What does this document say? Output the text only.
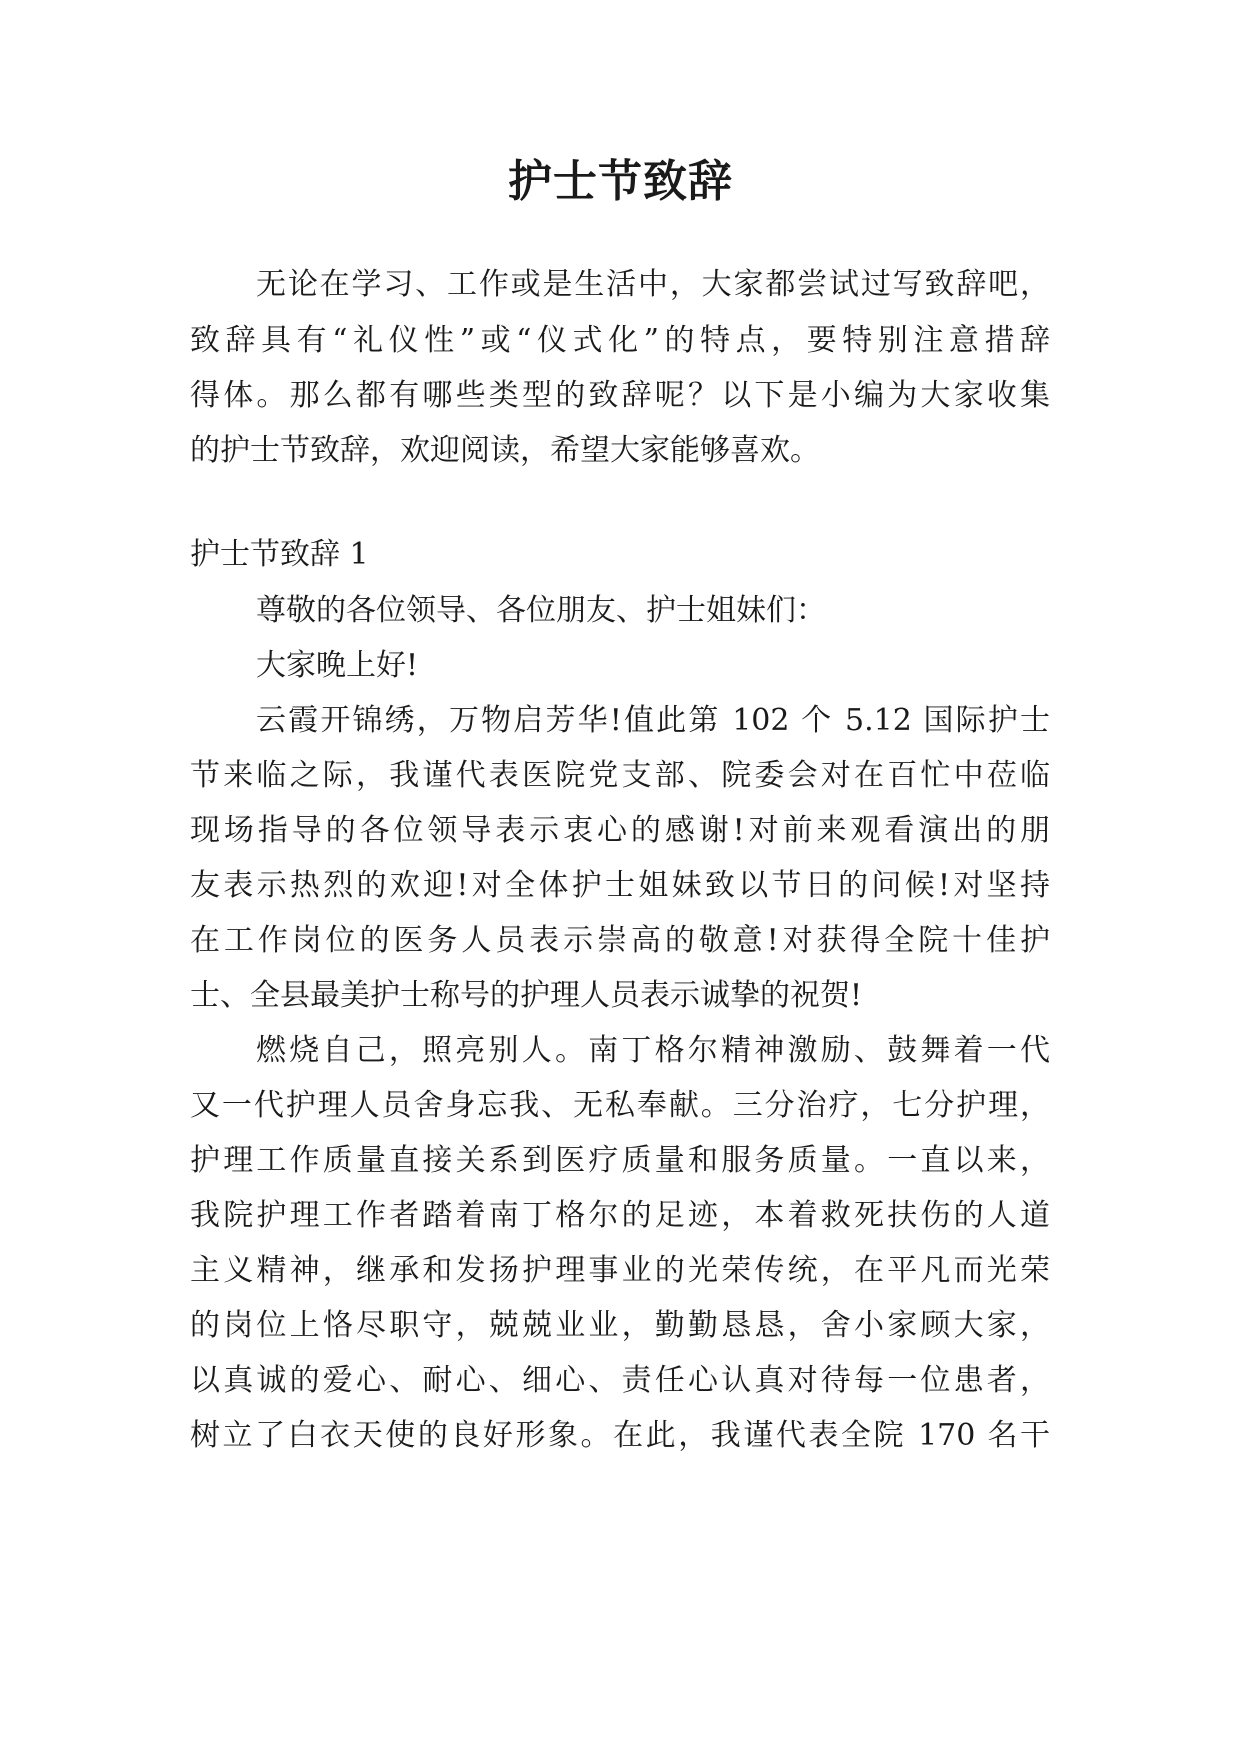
护士节致辞

无论在学习、工作或是生活中，大家都尝试过写致辞吧，

致辞具有“礼仪性”或“仪式化”的特点，要特别注意措辞

得体。那么都有哪些类型的致辞呢？以下是小编为大家收集

的护士节致辞，欢迎阅读，希望大家能够喜欢。

护士节致辞 1

尊敬的各位领导、各位朋友、护士姐妹们：

大家晚上好!

云霞开锦绣，万物启芳华!值此第 102 个 5.12 国际护士

节来临之际，我谨代表医院党支部、院委会对在百忙中莅临

现场指导的各位领导表示衷心的感谢!对前来观看演出的朋

友表示热烈的欢迎!对全体护士姐妹致以节日的问候!对坚持

在工作岗位的医务人员表示崇高的敬意!对获得全院十佳护

士、全县最美护士称号的护理人员表示诚挚的祝贺!

燃烧自己，照亮别人。南丁格尔精神激励、鼓舞着一代

又一代护理人员舍身忘我、无私奉献。三分治疗，七分护理，

护理工作质量直接关系到医疗质量和服务质量。一直以来，

我院护理工作者踏着南丁格尔的足迹，本着救死扶伤的人道

主义精神，继承和发扬护理事业的光荣传统，在平凡而光荣

的岗位上恪尽职守，兢兢业业，勤勤恳恳，舍小家顾大家，

以真诚的爱心、耐心、细心、责任心认真对待每一位患者，

树立了白衣天使的良好形象。在此，我谨代表全院 170 名干
